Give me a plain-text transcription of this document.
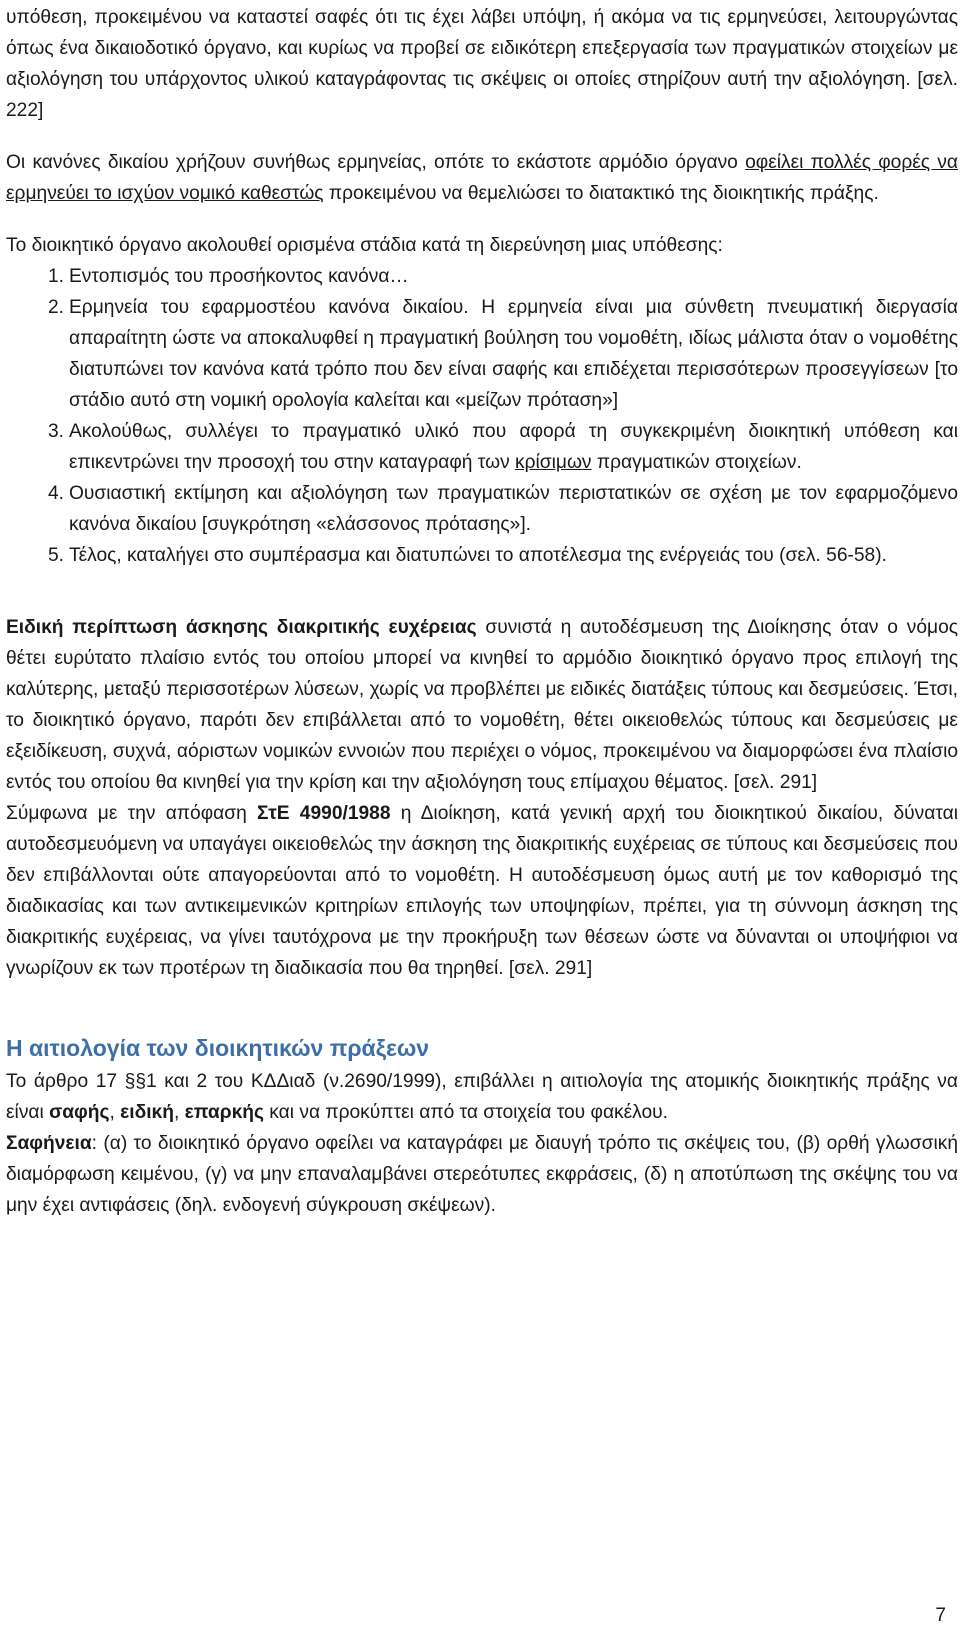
υπόθεση, προκειμένου να καταστεί σαφές ότι τις έχει λάβει υπόψη, ή ακόμα να τις ερμηνεύσει, λειτουργώντας όπως ένα δικαιοδοτικό όργανο, και κυρίως να προβεί σε ειδικότερη επεξεργασία των πραγματικών στοιχείων με αξιολόγηση του υπάρχοντος υλικού καταγράφοντας τις σκέψεις οι οποίες στηρίζουν αυτή την αξιολόγηση. [σελ. 222]

Οι κανόνες δικαίου χρήζουν συνήθως ερμηνείας, οπότε το εκάστοτε αρμόδιο όργανο οφείλει πολλές φορές να ερμηνεύει το ισχύον νομικό καθεστώς προκειμένου να θεμελιώσει το διατακτικό της διοικητικής πράξης.

Το διοικητικό όργανο ακολουθεί ορισμένα στάδια κατά τη διερεύνηση μιας υπόθεσης:

1. Εντοπισμός του προσήκοντος κανόνα…
2. Ερμηνεία του εφαρμοστέου κανόνα δικαίου. Η ερμηνεία είναι μια σύνθετη πνευματική διεργασία απαραίτητη ώστε να αποκαλυφθεί η πραγματική βούληση του νομοθέτη, ιδίως μάλιστα όταν ο νομοθέτης διατυπώνει τον κανόνα κατά τρόπο που δεν είναι σαφής και επιδέχεται περισσότερων προσεγγίσεων [το στάδιο αυτό στη νομική ορολογία καλείται και «μείζων πρόταση»]
3. Ακολούθως, συλλέγει το πραγματικό υλικό που αφορά τη συγκεκριμένη διοικητική υπόθεση και επικεντρώνει την προσοχή του στην καταγραφή των κρίσιμων πραγματικών στοιχείων.
4. Ουσιαστική εκτίμηση και αξιολόγηση των πραγματικών περιστατικών σε σχέση με τον εφαρμοζόμενο κανόνα δικαίου [συγκρότηση «ελάσσονος πρότασης»].
5. Τέλος, καταλήγει στο συμπέρασμα και διατυπώνει το αποτέλεσμα της ενέργειάς του (σελ. 56-58).

Ειδική περίπτωση άσκησης διακριτικής ευχέρειας συνιστά η αυτοδέσμευση της Διοίκησης όταν ο νόμος θέτει ευρύτατο πλαίσιο εντός του οποίου μπορεί να κινηθεί το αρμόδιο διοικητικό όργανο προς επιλογή της καλύτερης, μεταξύ περισσοτέρων λύσεων, χωρίς να προβλέπει με ειδικές διατάξεις τύπους και δεσμεύσεις. Έτσι, το διοικητικό όργανο, παρότι δεν επιβάλλεται από το νομοθέτη, θέτει οικειοθελώς τύπους και δεσμεύσεις με εξειδίκευση, συχνά, αόριστων νομικών εννοιών που περιέχει ο νόμος, προκειμένου να διαμορφώσει ένα πλαίσιο εντός του οποίου θα κινηθεί για την κρίση και την αξιολόγηση τους επίμαχου θέματος. [σελ. 291]

Σύμφωνα με την απόφαση ΣτΕ 4990/1988 η Διοίκηση, κατά γενική αρχή του διοικητικού δικαίου, δύναται αυτοδεσμευόμενη να υπαγάγει οικειοθελώς την άσκηση της διακριτικής ευχέρειας σε τύπους και δεσμεύσεις που δεν επιβάλλονται ούτε απαγορεύονται από το νομοθέτη. Η αυτοδέσμευση όμως αυτή με τον καθορισμό της διαδικασίας και των αντικειμενικών κριτηρίων επιλογής των υποψηφίων, πρέπει, για τη σύννομη άσκηση της διακριτικής ευχέρειας, να γίνει ταυτόχρονα με την προκήρυξη των θέσεων ώστε να δύνανται οι υποψήφιοι να γνωρίζουν εκ των προτέρων τη διαδικασία που θα τηρηθεί. [σελ. 291]

Η αιτιολογία των διοικητικών πράξεων

Το άρθρο 17 §§1 και 2 του ΚΔΔιαδ (ν.2690/1999), επιβάλλει η αιτιολογία της ατομικής διοικητικής πράξης να είναι σαφής, ειδική, επαρκής και να προκύπτει από τα στοιχεία του φακέλου.

Σαφήνεια: (α) το διοικητικό όργανο οφείλει να καταγράφει με διαυγή τρόπο τις σκέψεις του, (β) ορθή γλωσσική διαμόρφωση κειμένου, (γ) να μην επαναλαμβάνει στερεότυπες εκφράσεις, (δ) η αποτύπωση της σκέψης του να μην έχει αντιφάσεις (δηλ. ενδογενή σύγκρουση σκέψεων).

7
